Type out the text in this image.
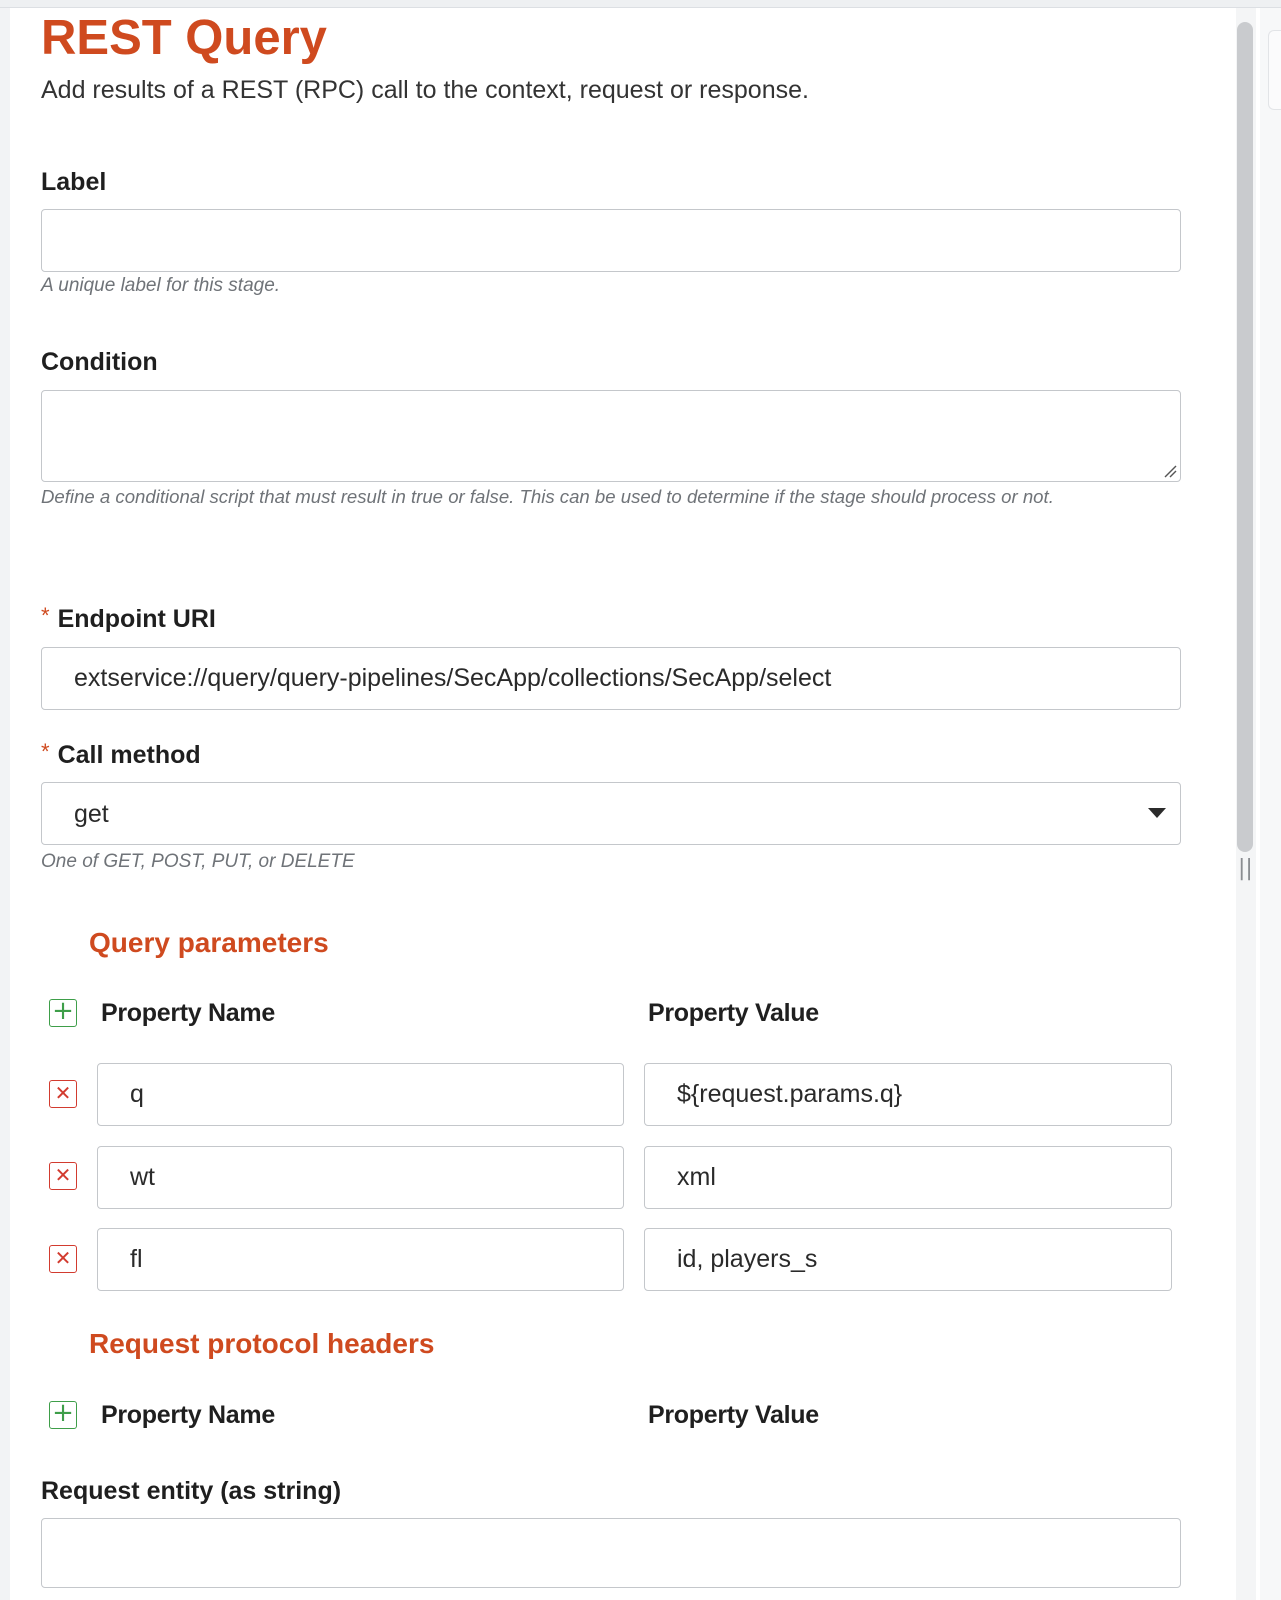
||
REST Query
Add results of a REST (RPC) call to the context, request or response.
Label
A unique label for this stage.
Condition
Define a conditional script that must result in true or false. This can be used to determine if the stage should process or not.
* Endpoint URI
extservice://query/query-pipelines/SecApp/collections/SecApp/select
* Call method
get
One of GET, POST, PUT, or DELETE
Query parameters
+ Property Name	Property Value
✕
q
${request.params.q}
✕
wt
xml
✕
fl
id, players_s
Request protocol headers
+ Property Name	Property Value
Request entity (as string)
